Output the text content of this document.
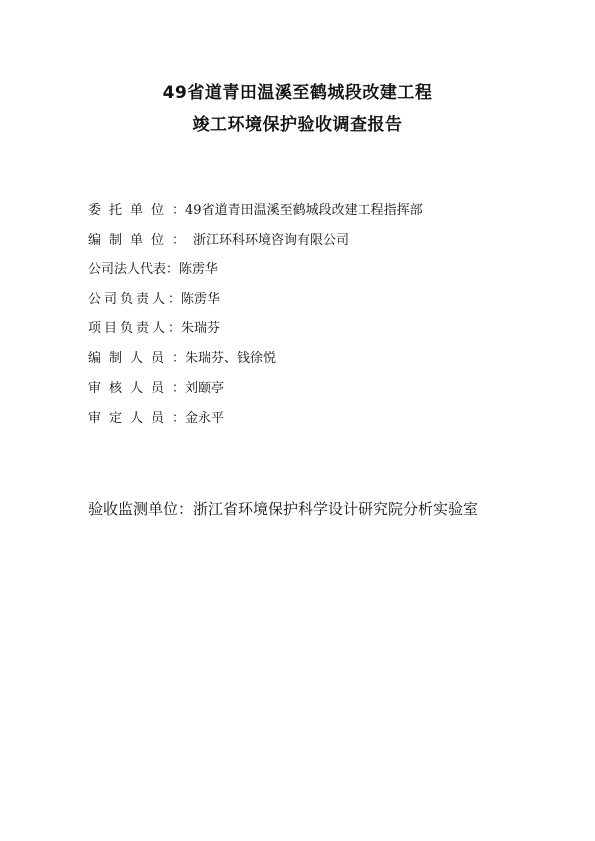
49省道青田温溪至鹤城段改建工程
竣工环境保护验收调查报告
委托单位：49省道青田温溪至鹤城段改建工程指挥部
编制单位： 浙江环科环境咨询有限公司
公司法人代表：陈雳华
公司负责人：陈雳华
项目负责人：朱瑞芬
编制人员：朱瑞芬、钱徐悦
审核人员：刘颐亭
审定人员：金永平
验收监测单位：浙江省环境保护科学设计研究院分析实验室
